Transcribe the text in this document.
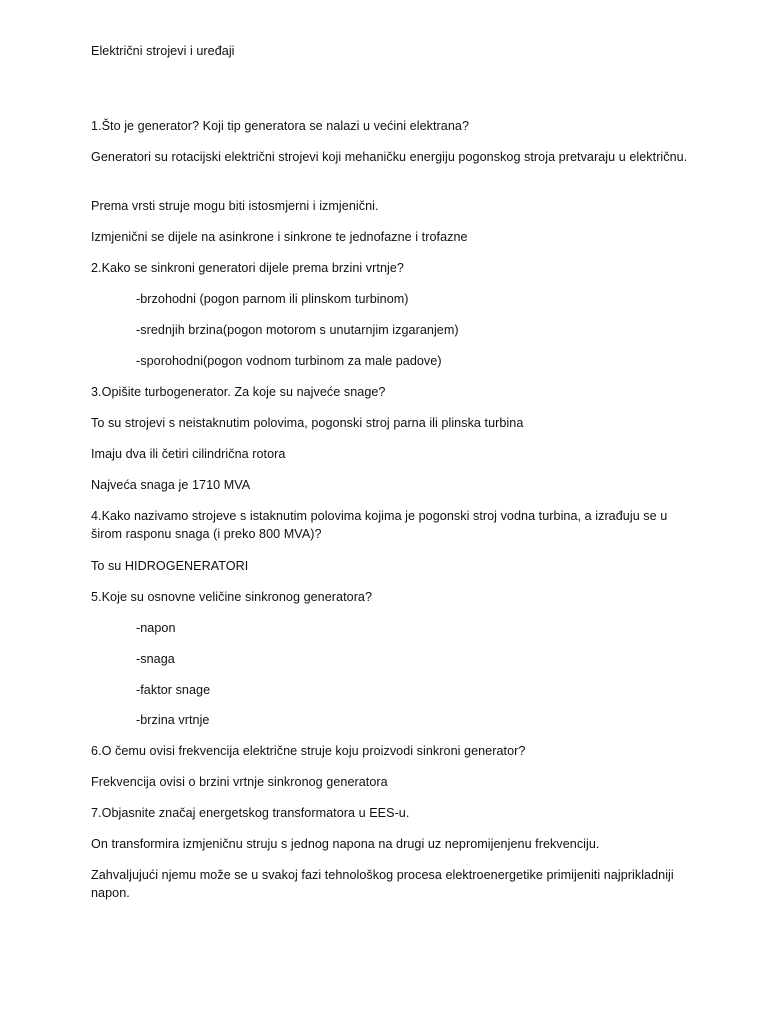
Električni strojevi i uređaji
1.Što je generator? Koji tip generatora se nalazi u većini elektrana?
Generatori su rotacijski električni strojevi koji mehaničku energiju pogonskog stroja pretvaraju u električnu.
Prema vrsti struje mogu biti istosmjerni i izmjenični.
Izmjenični se dijele na asinkrone i sinkrone te jednofazne i trofazne
2.Kako se sinkroni generatori dijele prema brzini vrtnje?
-brzohodni (pogon parnom ili plinskom turbinom)
-srednjih brzina(pogon motorom s unutarnjim izgaranjem)
-sporohodni(pogon vodnom turbinom za male padove)
3.Opišite turbogenerator. Za koje su najveće snage?
To su strojevi s neistaknutim polovima, pogonski stroj parna ili plinska turbina
Imaju dva ili četiri cilindrična rotora
Najveća snaga je 1710 MVA
4.Kako nazivamo strojeve s istaknutim polovima kojima je pogonski stroj vodna turbina, a izrađuju se u širom rasponu snaga (i preko 800 MVA)?
To su HIDROGENERATORI
5.Koje su osnovne veličine sinkronog generatora?
-napon
-snaga
-faktor snage
-brzina vrtnje
6.O čemu ovisi frekvencija električne struje koju proizvodi sinkroni generator?
Frekvencija ovisi o brzini vrtnje sinkronog generatora
7.Objasnite značaj energetskog transformatora u EES-u.
On transformira izmjeničnu struju s jednog napona na drugi uz nepromijenjenu frekvenciju.
Zahvaljujući njemu može se u svakoj fazi tehnološkog procesa elektroenergetike primijeniti najprikladniji napon.
